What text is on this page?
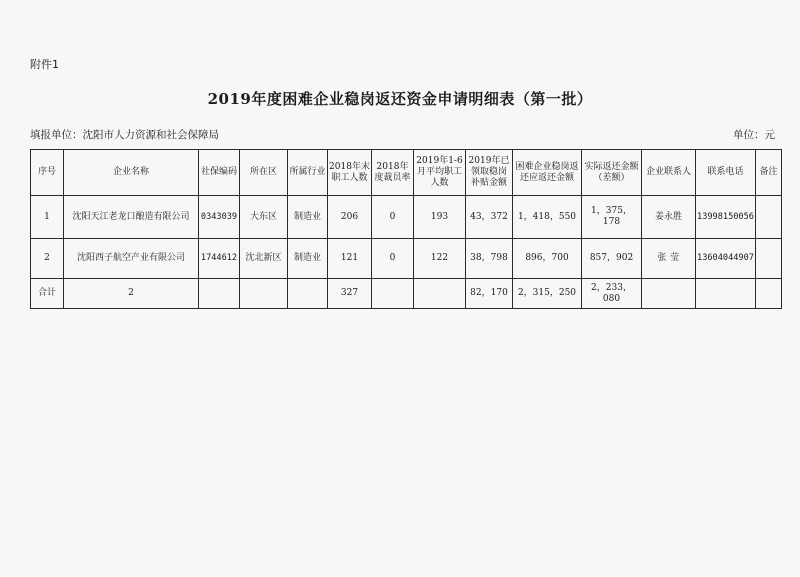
附件1
2019年度困难企业稳岗返还资金申请明细表（第一批）
填报单位：沈阳市人力资源和社会保障局	单位：元
序号	企业名称	社保编码	所在区	所属行业	2018年末职工人数	2018年度裁员率	2019年1-6月平均职工人数	2019年已领取稳岗补贴金额	困难企业稳岗返还应返还金额	实际返还金额（差额）	企业联系人	联系电话	备注
1	沈阳天江老龙口酿造有限公司	0343039	大东区	制造业	206	0	193	43，372	1，418，550	1，375，178	姜永胜	13998150056	
2	沈阳西子航空产业有限公司	1744612	沈北新区	制造业	121	0	122	38，798	896，700	857，902	张 莹	13604044907	
合计	2				327			82，170	2，315，250	2，233，080			
